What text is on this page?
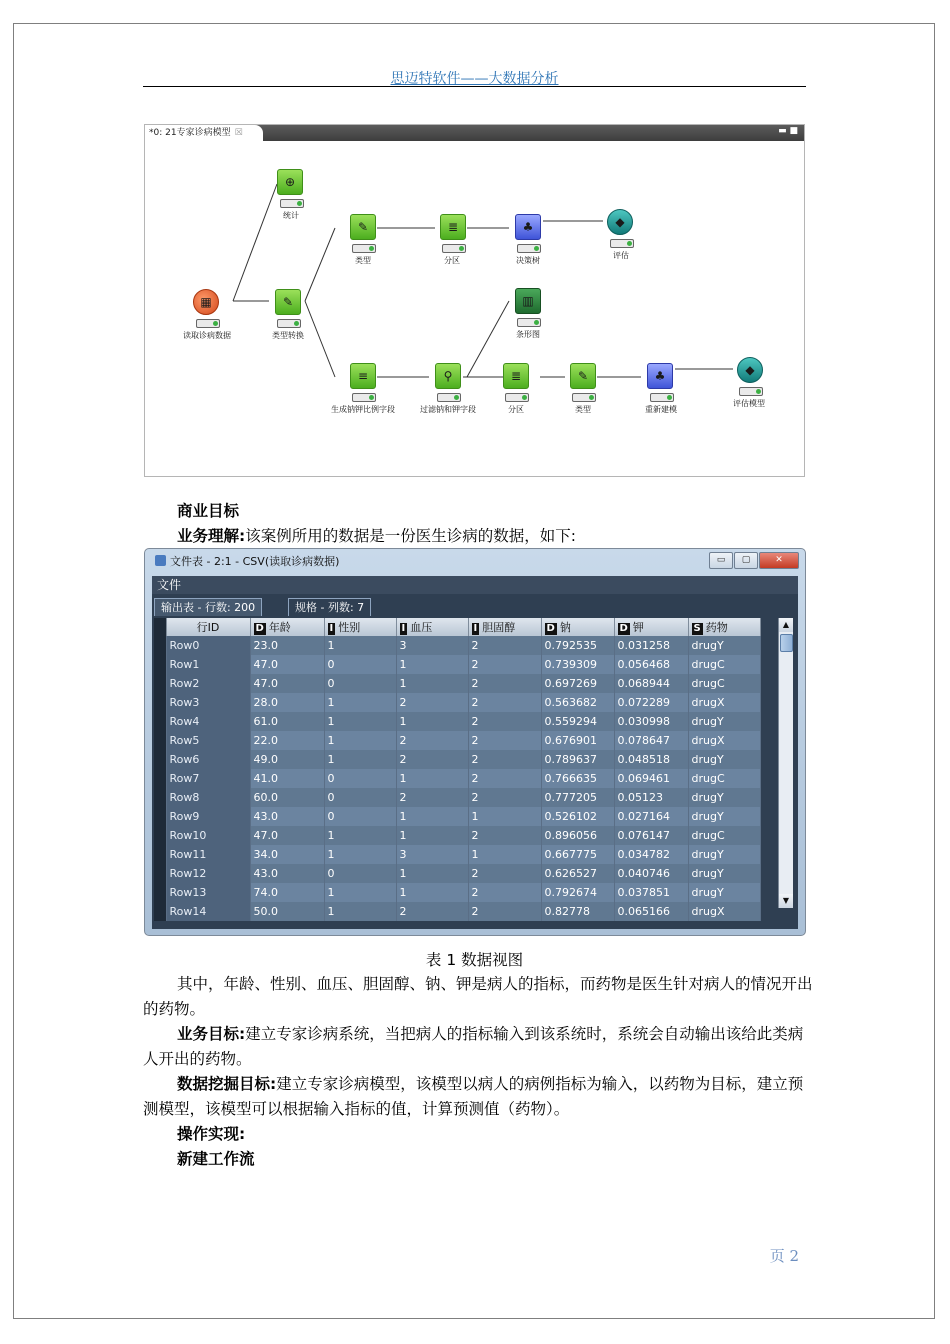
思迈特软件——大数据分析
*0: 21专家诊病模型 ☒	▬ ■
▦
读取诊病数据
⊕
统计
✎
类型转换
✎
类型
≣
分区
♣
决策树
◆
评估
▥
条形图
≡
生成钠钾比例字段
⚲
过滤钠和钾字段
≣
分区
✎
类型
♣
重新建模
◆
评估模型
商业目标
业务理解:该案例所用的数据是一份医生诊病的数据，如下:
文件表 - 2:1 - CSV(读取诊病数据)	▭	▢	✕
文件
输出表 - 行数: 200	规格 - 列数: 7
	行ID	D 年龄	I 性别	I 血压	I 胆固醇	D 钠	D 钾	S 药物
	Row0	23.0	1	3	2	0.792535	0.031258	drugY
	Row1	47.0	0	1	2	0.739309	0.056468	drugC
	Row2	47.0	0	1	2	0.697269	0.068944	drugC
	Row3	28.0	1	2	2	0.563682	0.072289	drugX
	Row4	61.0	1	1	2	0.559294	0.030998	drugY
	Row5	22.0	1	2	2	0.676901	0.078647	drugX
	Row6	49.0	1	2	2	0.789637	0.048518	drugY
	Row7	41.0	0	1	2	0.766635	0.069461	drugC
	Row8	60.0	0	2	2	0.777205	0.05123	drugY
	Row9	43.0	0	1	1	0.526102	0.027164	drugY
	Row10	47.0	1	1	2	0.896056	0.076147	drugC
	Row11	34.0	1	3	1	0.667775	0.034782	drugY
	Row12	43.0	0	1	2	0.626527	0.040746	drugY
	Row13	74.0	1	1	2	0.792674	0.037851	drugY
	Row14	50.0	1	2	2	0.82778	0.065166	drugX
▲
▼
表 1 数据视图
其中，年龄、性别、血压、胆固醇、钠、钾是病人的指标，而药物是医生针对病人的情况开出的药物。
业务目标:建立专家诊病系统，当把病人的指标输入到该系统时，系统会自动输出该给此类病人开出的药物。
数据挖掘目标:建立专家诊病模型，该模型以病人的病例指标为输入，以药物为目标，建立预测模型，该模型可以根据输入指标的值，计算预测值（药物）。
操作实现:
新建工作流
页 2
